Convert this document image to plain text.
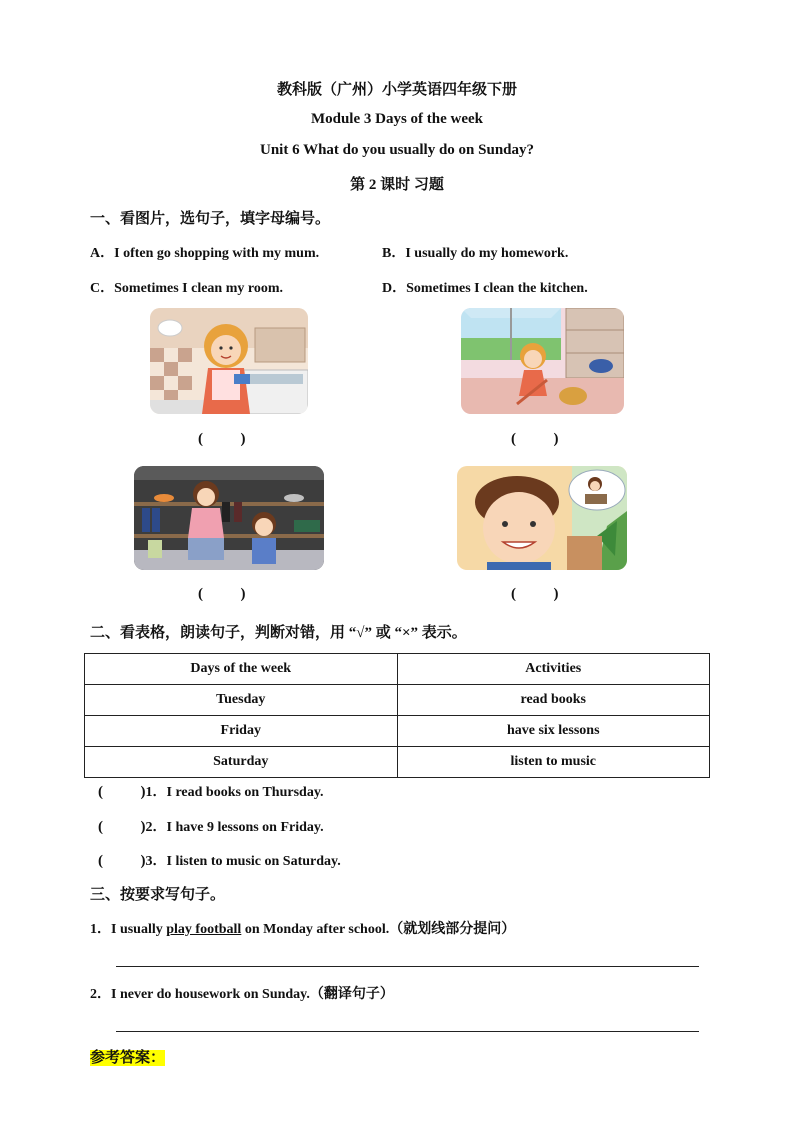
教科版（广州）小学英语四年级下册
Module 3 Days of the week
Unit 6 What do you usually do on Sunday?
第 2 课时 习题
一、看图片，选句子，填字母编号。
A．I often go shopping with my mum.	B．I usually do my homework.
C．Sometimes I clean my room.	D．Sometimes I clean the kitchen.
(          )	(          )
(          )	(          )
二、看表格，朗读句子，判断对错，用 “√” 或 “×” 表示。
Days of the week	Activities
Tuesday	read books
Friday	have six lessons
Saturday	listen to music
(          )1．I read books on Thursday.
(          )2．I have 9 lessons on Friday.
(          )3．I listen to music on Saturday.
三、按要求写句子。
1．I usually play football on Monday after school.（就划线部分提问）
2．I never do housework on Sunday.（翻译句子）
参考答案：
